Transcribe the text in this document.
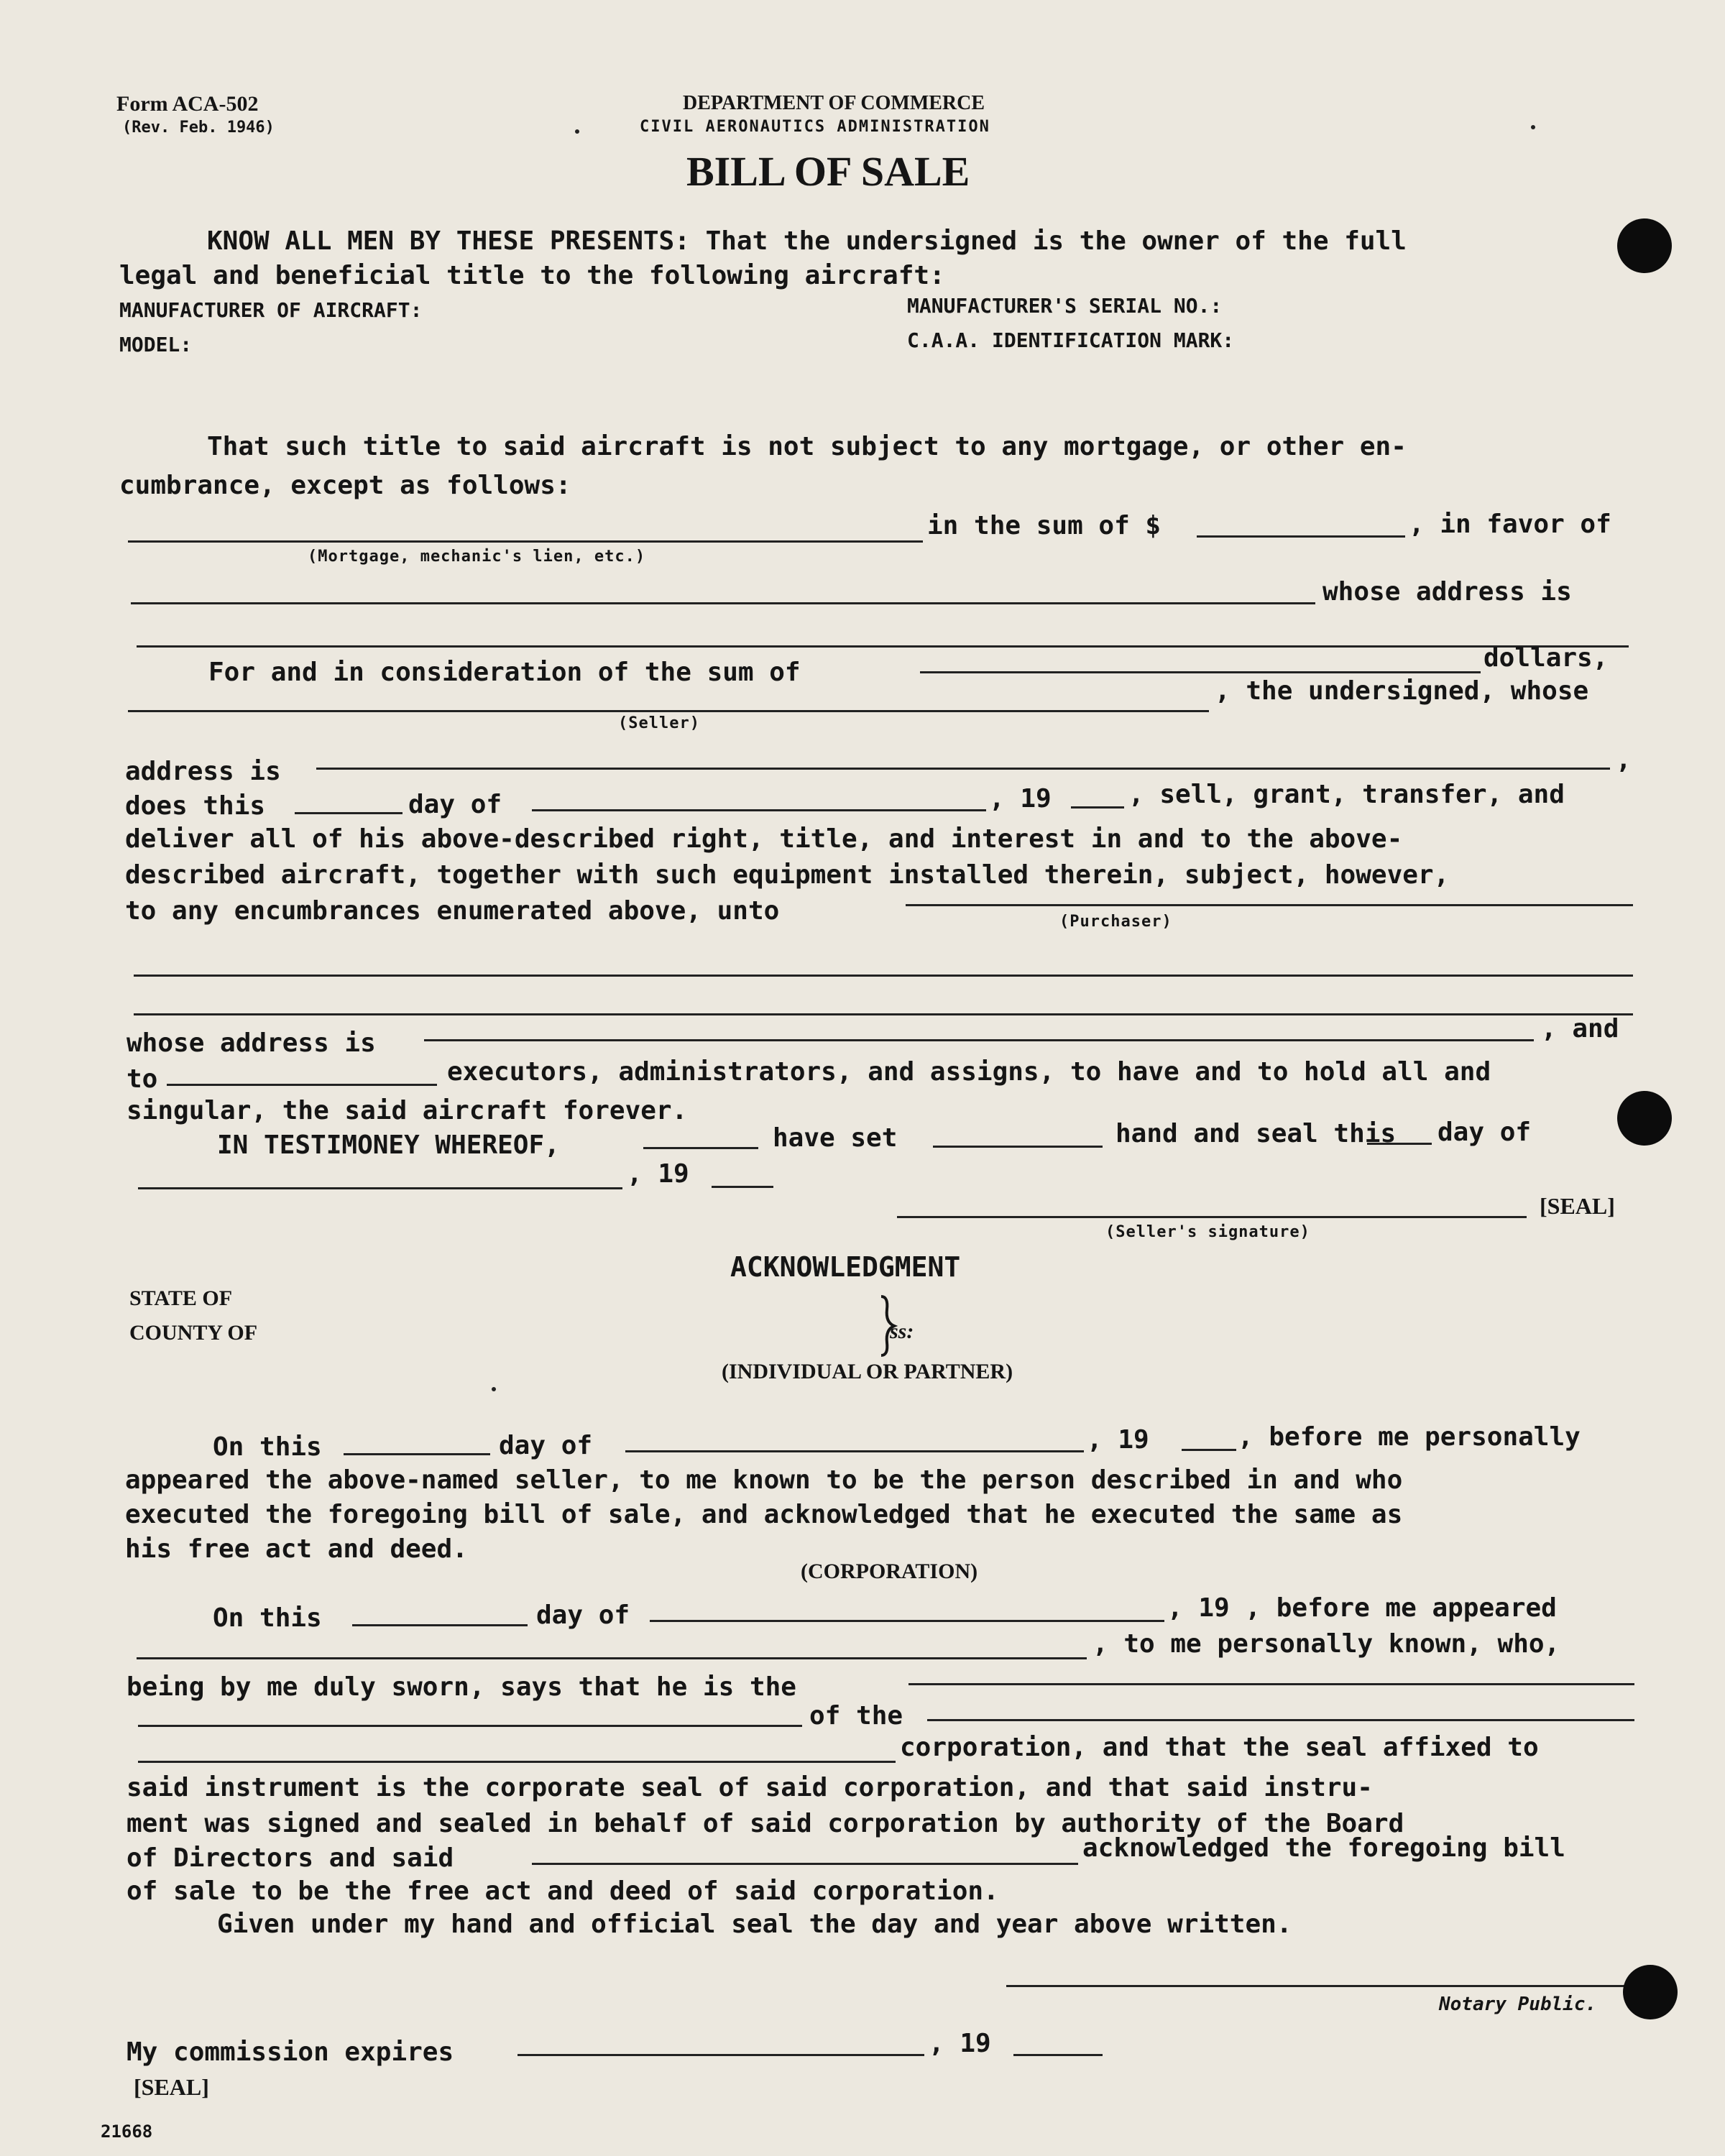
Form ACA-502
(Rev. Feb. 1946)
DEPARTMENT OF COMMERCE
CIVIL AERONAUTICS ADMINISTRATION
BILL OF SALE
KNOW ALL MEN BY THESE PRESENTS: That the undersigned is the owner of the full
legal and beneficial title to the following aircraft:
MANUFACTURER OF AIRCRAFT:	MANUFACTURER'S SERIAL NO.:
MODEL:	C.A.A. IDENTIFICATION MARK:
That such title to said aircraft is not subject to any mortgage, or other en-
cumbrance, except as follows:
in the sum of $	, in favor of
(Mortgage, mechanic's lien, etc.)
whose address is
For and in consideration of the sum of	dollars,
, the undersigned, whose
(Seller)
address is	,
does this	day of	, 19	, sell, grant, transfer, and
deliver all of his above-described right, title, and interest in and to the above-
described aircraft, together with such equipment installed therein, subject, however,
to any encumbrances enumerated above, unto	(Purchaser)
whose address is	, and
to	executors, administrators, and assigns, to have and to hold all and
singular, the said aircraft forever.
IN TESTIMONEY WHEREOF,	have set	hand and seal this day of
, 19
[SEAL]
(Seller's signature)
ACKNOWLEDGMENT
STATE OF
COUNTY OF	ss:
(INDIVIDUAL OR PARTNER)
On this	day of	, 19	, before me personally
appeared the above-named seller, to me known to be the person described in and who
executed the foregoing bill of sale, and acknowledged that he executed the same as
his free act and deed.
(CORPORATION)
On this	day of	, 19 , before me appeared
, to me personally known, who,
being by me duly sworn, says that he is the
of the
corporation, and that the seal affixed to
said instrument is the corporate seal of said corporation, and that said instru-
ment was signed and sealed in behalf of said corporation by authority of the Board
of Directors and said	acknowledged the foregoing bill
of sale to be the free act and deed of said corporation.
Given under my hand and official seal the day and year above written.
Notary Public.
My commission expires	, 19
[SEAL]
21668
